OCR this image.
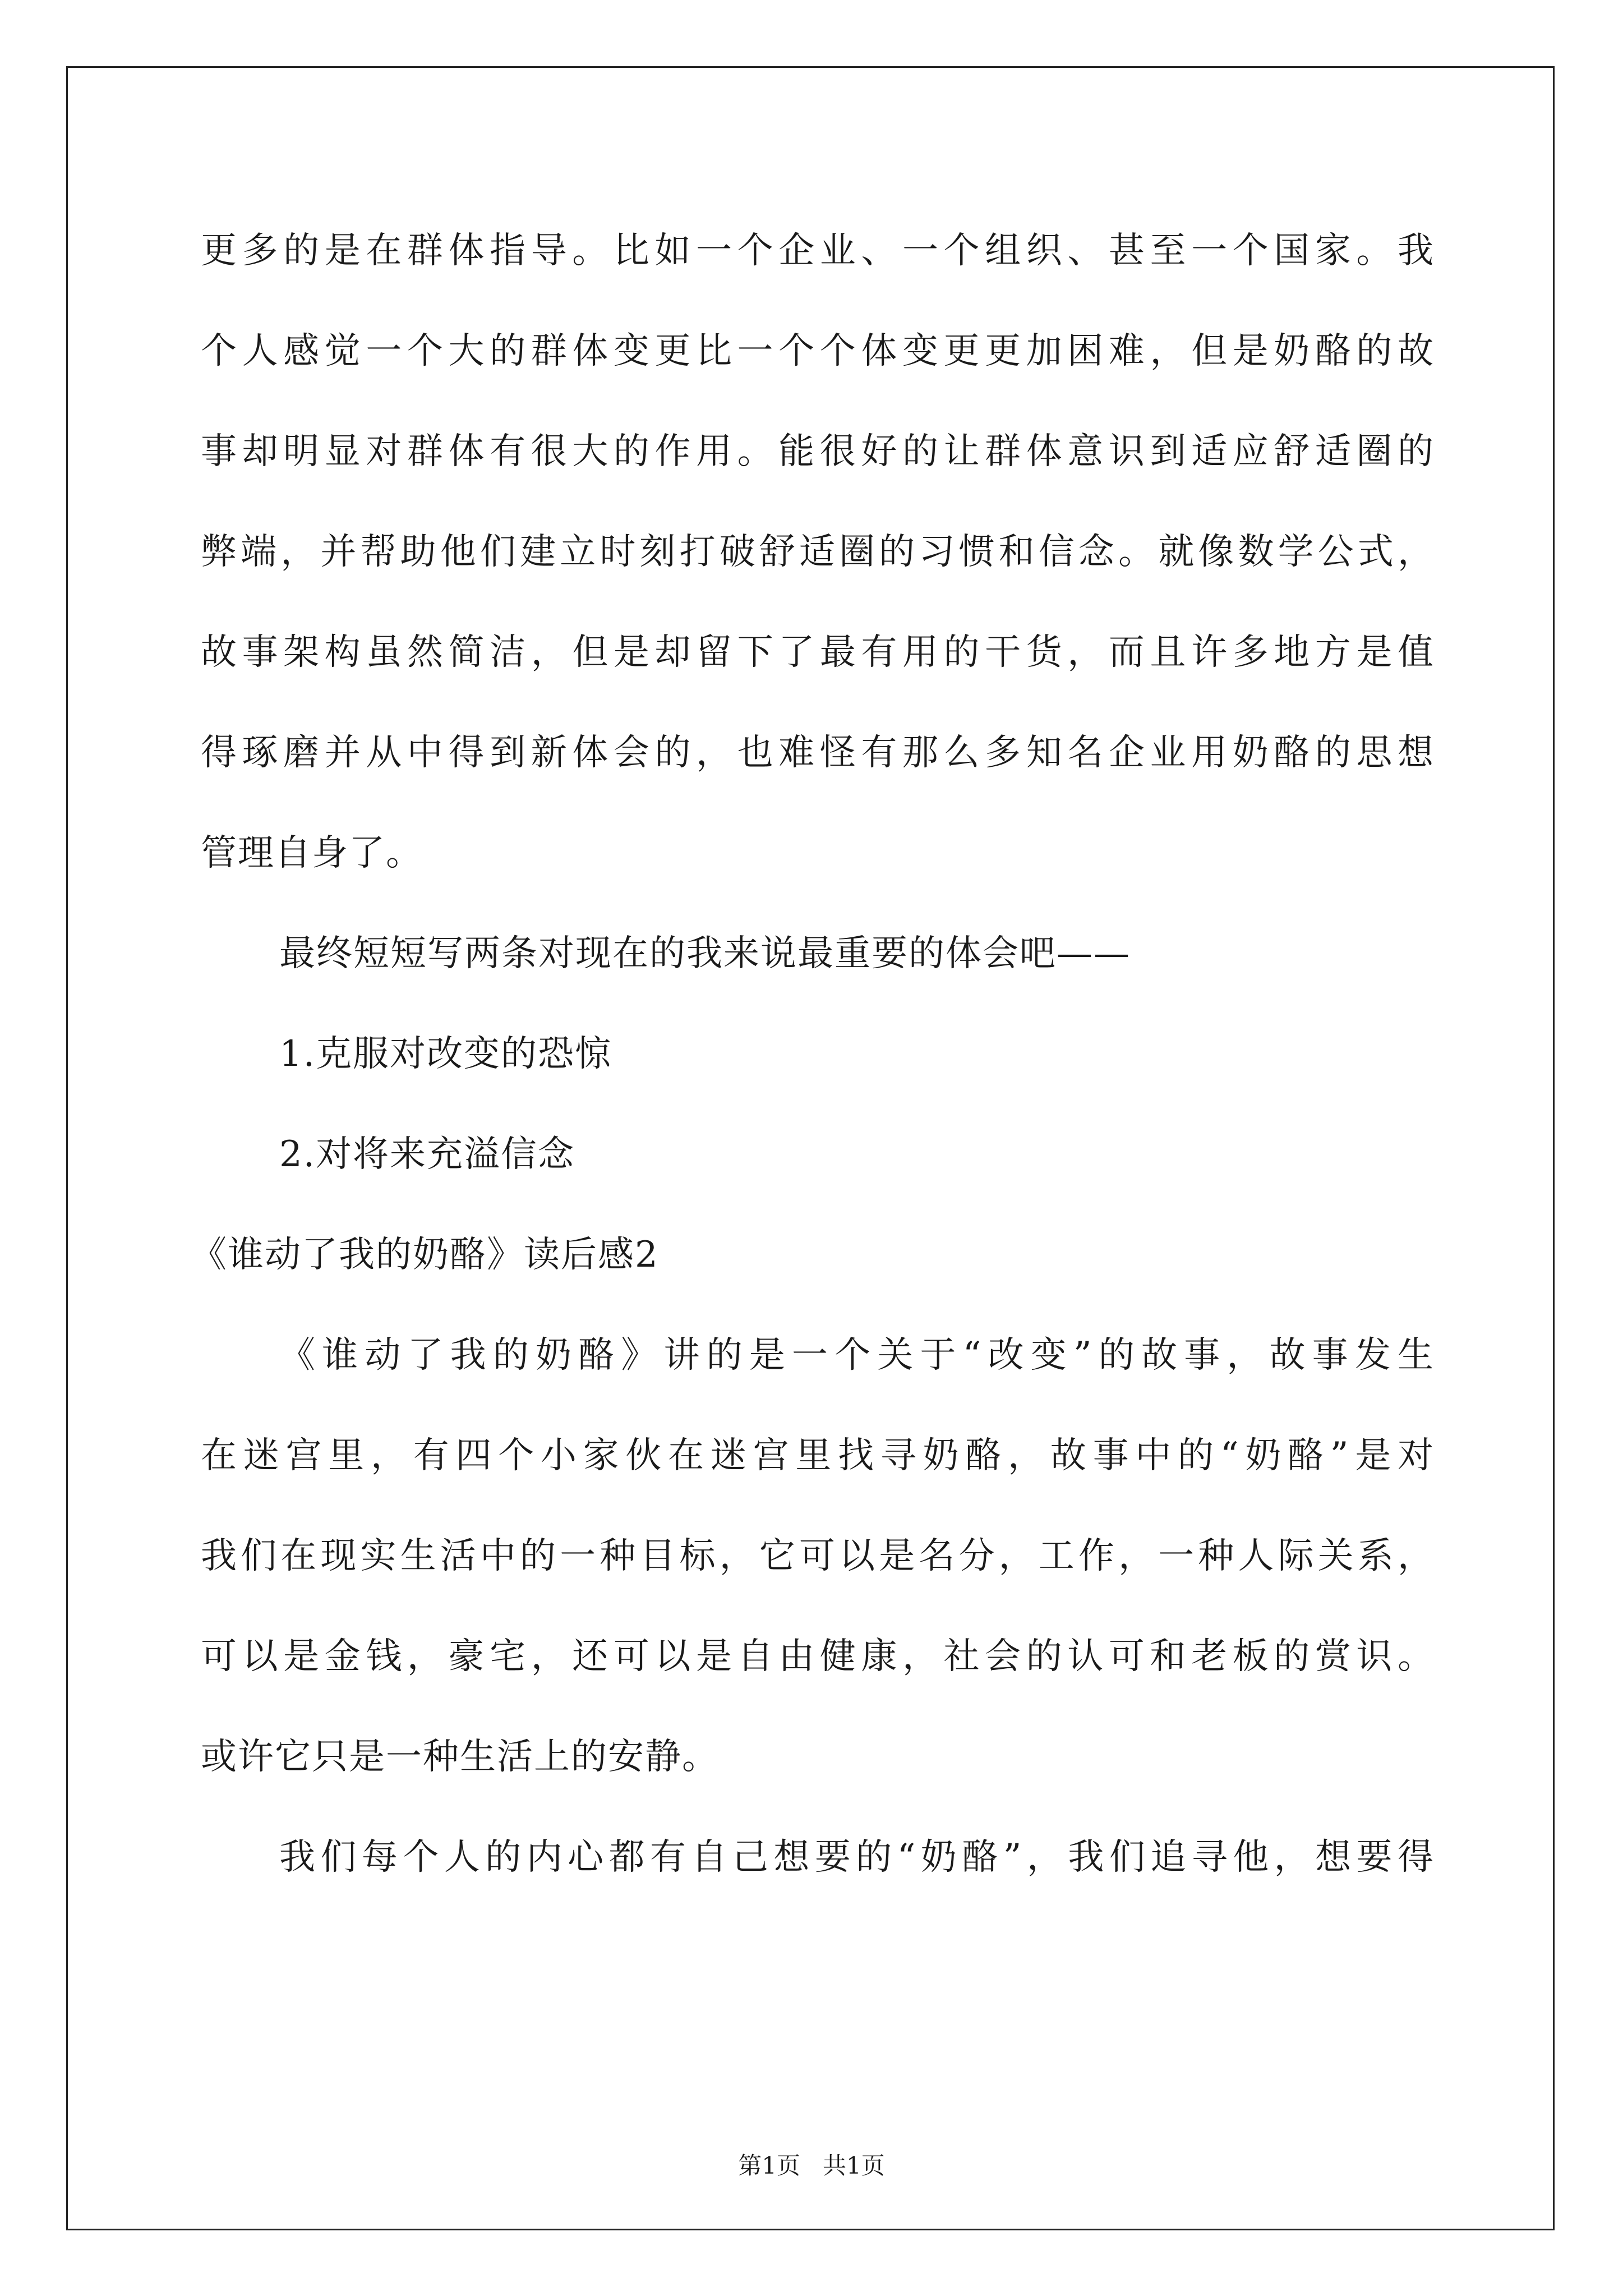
更多的是在群体指导。比如一个企业、一个组织、甚至一个国家。我
个人感觉一个大的群体变更比一个个体变更更加困难，但是奶酪的故
事却明显对群体有很大的作用。能很好的让群体意识到适应舒适圈的
弊端，并帮助他们建立时刻打破舒适圈的习惯和信念。就像数学公式，
故事架构虽然简洁，但是却留下了最有用的干货，而且许多地方是值
得琢磨并从中得到新体会的，也难怪有那么多知名企业用奶酪的思想
管理自身了。
最终短短写两条对现在的我来说最重要的体会吧——
1.克服对改变的恐惊
2.对将来充溢信念
《谁动了我的奶酪》读后感2
《谁动了我的奶酪》讲的是一个关于“改变”的故事，故事发生
在迷宫里，有四个小家伙在迷宫里找寻奶酪，故事中的“奶酪”是对
我们在现实生活中的一种目标，它可以是名分，工作，一种人际关系，
可以是金钱，豪宅，还可以是自由健康，社会的认可和老板的赏识。
或许它只是一种生活上的安静。
我们每个人的内心都有自己想要的“奶酪”，我们追寻他，想要得
第1页   共1页
